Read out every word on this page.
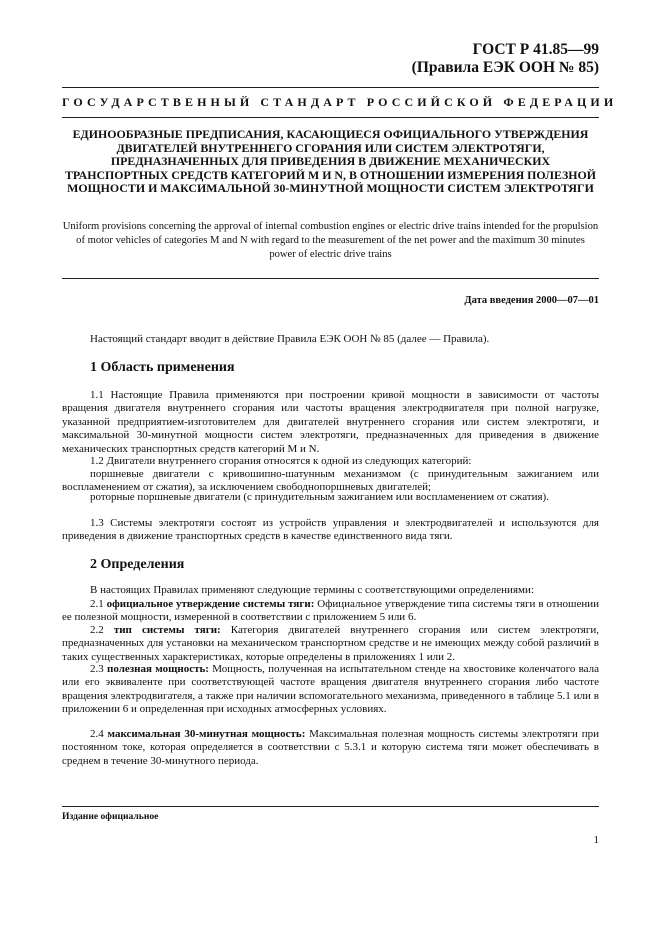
ГОСТ Р 41.85—99
(Правила ЕЭК ООН № 85)
ГОСУДАРСТВЕННЫЙ СТАНДАРТ РОССИЙСКОЙ ФЕДЕРАЦИИ
ЕДИНООБРАЗНЫЕ ПРЕДПИСАНИЯ, КАСАЮЩИЕСЯ ОФИЦИАЛЬНОГО УТВЕРЖДЕНИЯ ДВИГАТЕЛЕЙ ВНУТРЕННЕГО СГОРАНИЯ ИЛИ СИСТЕМ ЭЛЕКТРОТЯГИ, ПРЕДНАЗНАЧЕННЫХ ДЛЯ ПРИВЕДЕНИЯ В ДВИЖЕНИЕ МЕХАНИЧЕСКИХ ТРАНСПОРТНЫХ СРЕДСТВ КАТЕГОРИЙ M И N, В ОТНОШЕНИИ ИЗМЕРЕНИЯ ПОЛЕЗНОЙ МОЩНОСТИ И МАКСИМАЛЬНОЙ 30-МИНУТНОЙ МОЩНОСТИ СИСТЕМ ЭЛЕКТРОТЯГИ
Uniform provisions concerning the approval of internal combustion engines or electric drive trains intended for the propulsion of motor vehicles of categories M and N with regard to the measurement of the net power and the maximum 30 minutes power of electric drive trains
Дата введения 2000—07—01
Настоящий стандарт вводит в действие Правила ЕЭК ООН № 85 (далее — Правила).
1 Область применения
1.1 Настоящие Правила применяются при построении кривой мощности в зависимости от частоты вращения двигателя внутреннего сгорания или частоты вращения электродвигателя при полной нагрузке, указанной предприятием-изготовителем для двигателей внутреннего сгорания или систем электротяги, и максимальной 30-минутной мощности систем электротяги, предназначенных для приведения в движение механических транспортных средств категорий M и N.
1.2 Двигатели внутреннего сгорания относятся к одной из следующих категорий:
поршневые двигатели с кривошипно-шатунным механизмом (с принудительным зажиганием или воспламенением от сжатия), за исключением свободнопоршневых двигателей;
роторные поршневые двигатели (с принудительным зажиганием или воспламенением от сжатия).
1.3 Системы электротяги состоят из устройств управления и электродвигателей и используются для приведения в движение транспортных средств в качестве единственного вида тяги.
2 Определения
В настоящих Правилах применяют следующие термины с соответствующими определениями:
2.1 официальное утверждение системы тяги: Официальное утверждение типа системы тяги в отношении ее полезной мощности, измеренной в соответствии с приложением 5 или 6.
2.2 тип системы тяги: Категория двигателей внутреннего сгорания или систем электротяги, предназначенных для установки на механическом транспортном средстве и не имеющих между собой различий в таких существенных характеристиках, которые определены в приложениях 1 или 2.
2.3 полезная мощность: Мощность, полученная на испытательном стенде на хвостовике коленчатого вала или его эквиваленте при соответствующей частоте вращения двигателя внутреннего сгорания либо частоте вращения электродвигателя, а также при наличии вспомогательного механизма, приведенного в таблице 5.1 или в приложении 6 и определенная при исходных атмосферных условиях.
2.4 максимальная 30-минутная мощность: Максимальная полезная мощность системы электротяги при постоянном токе, которая определяется в соответствии с 5.3.1 и которую система тяги может обеспечивать в среднем в течение 30-минутного периода.
Издание официальное
1
